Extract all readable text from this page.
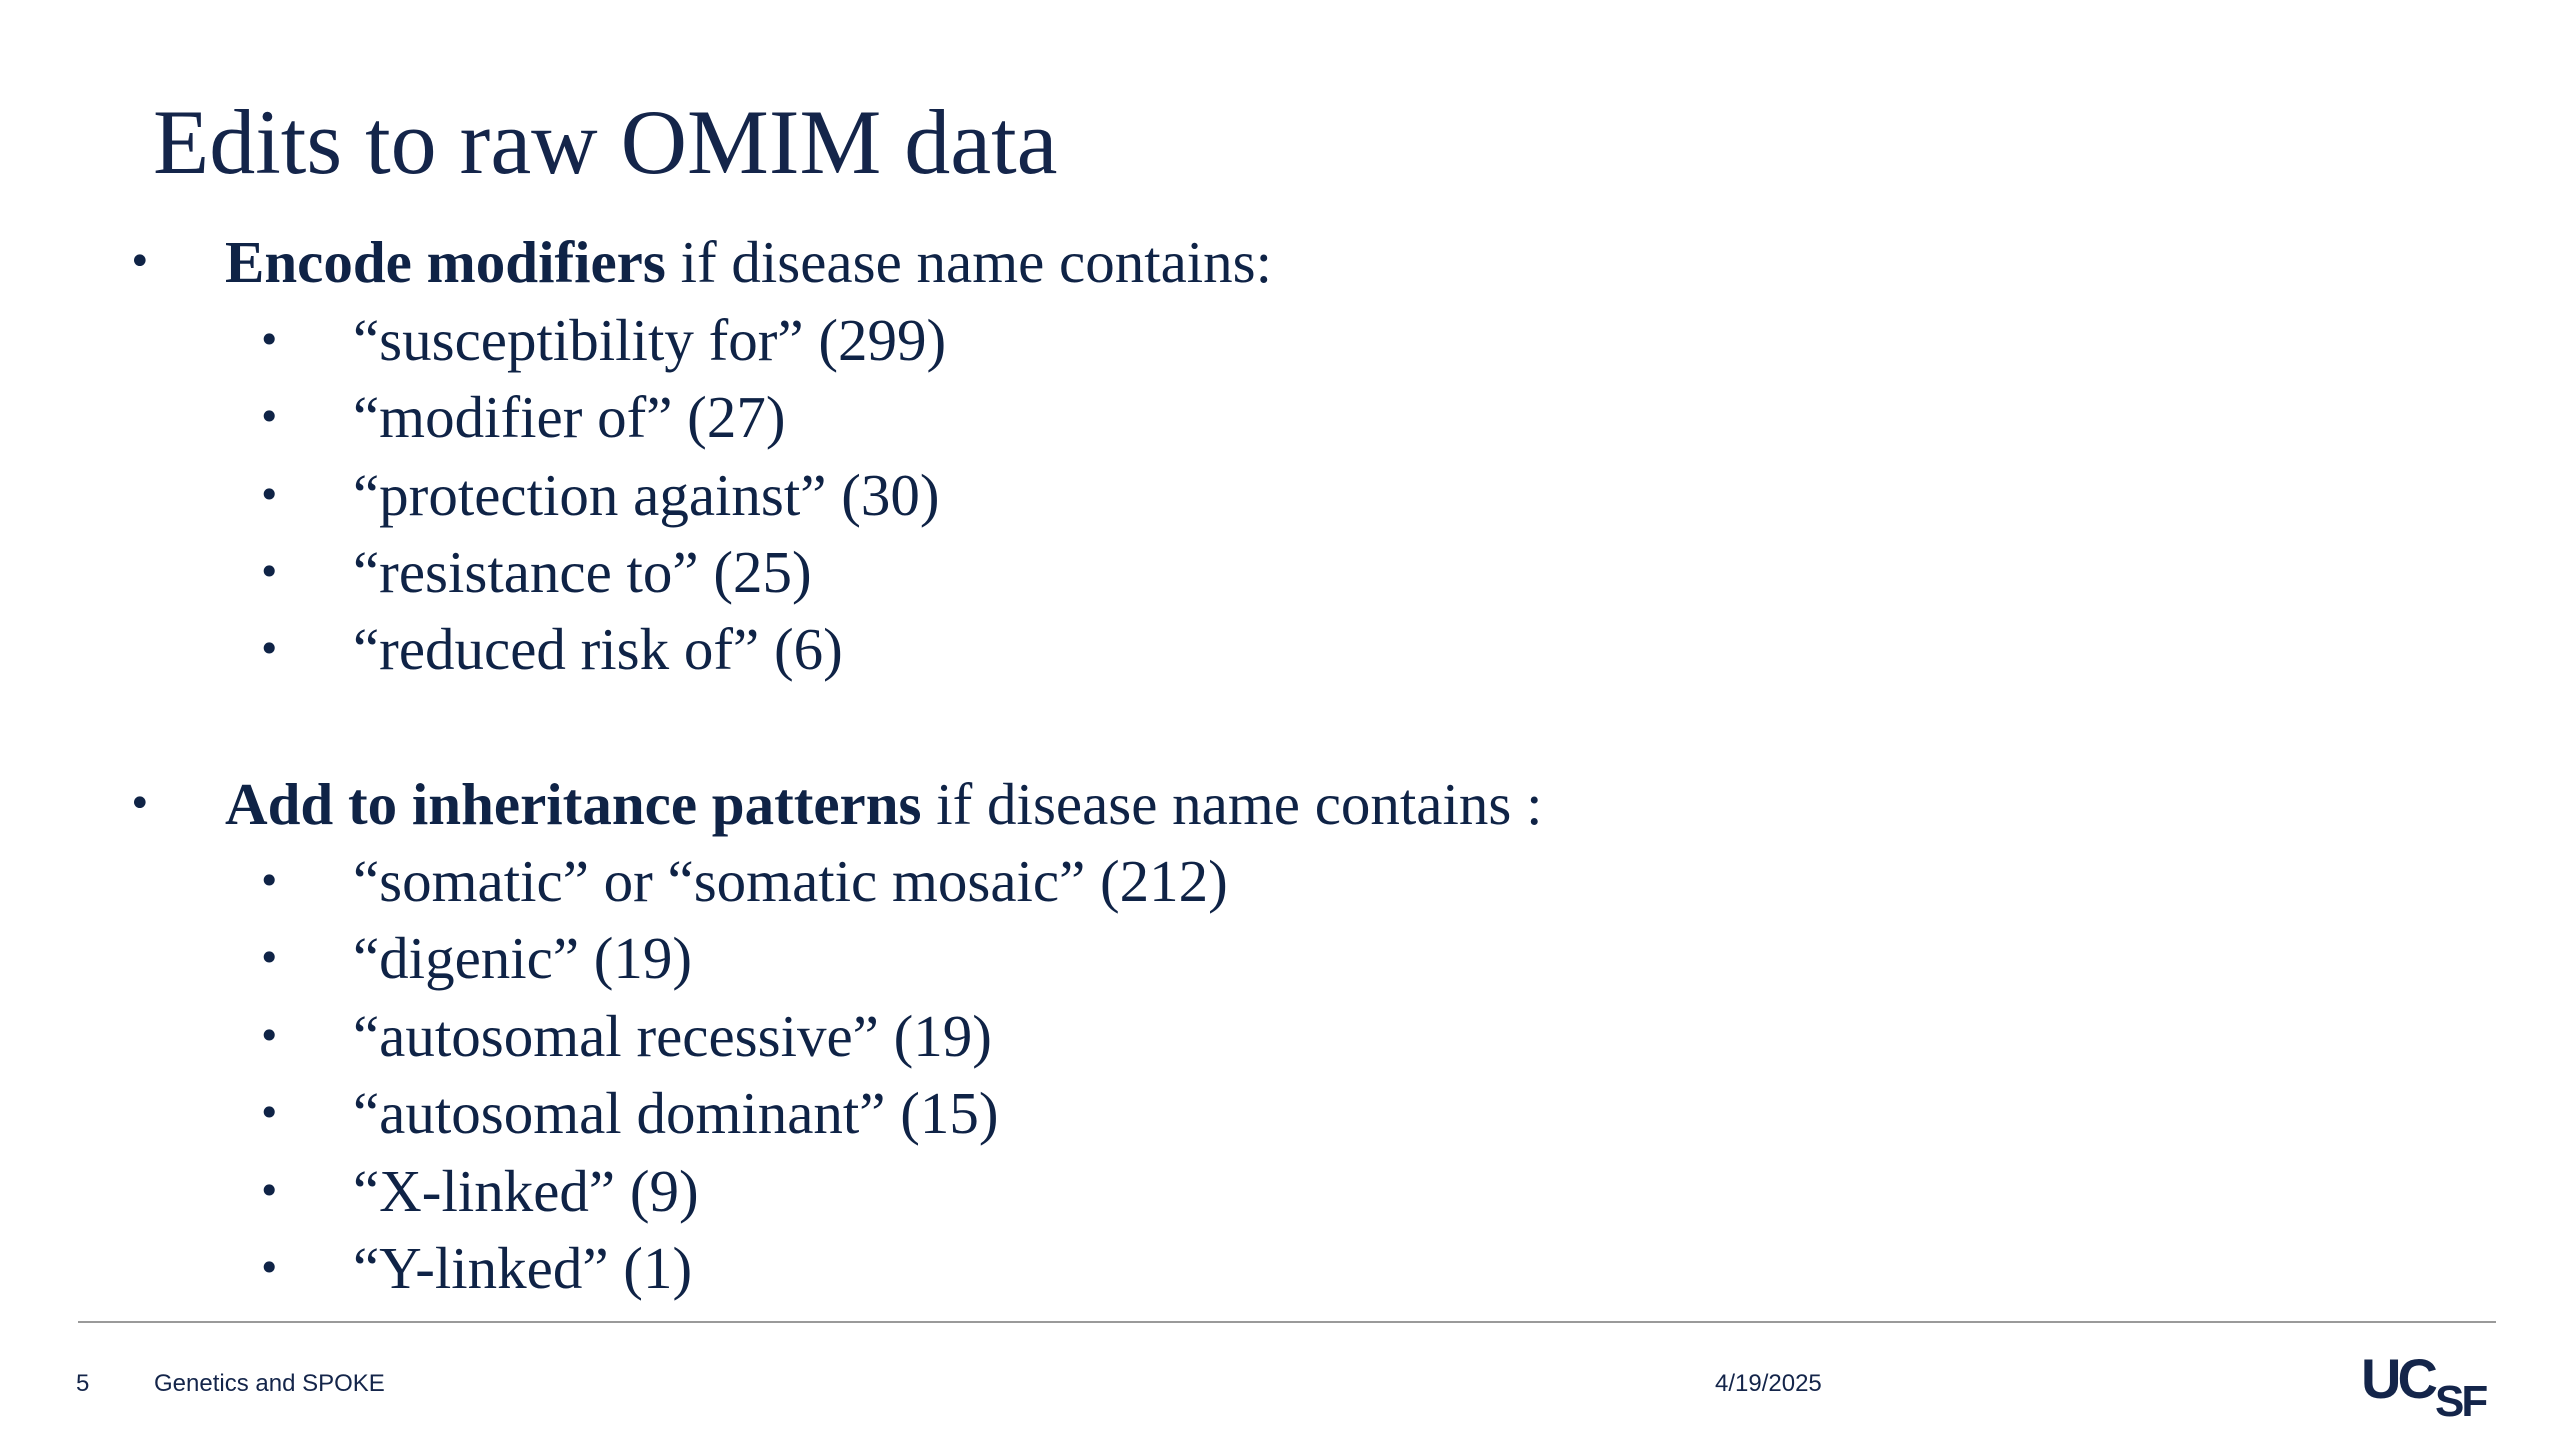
Edits to raw OMIM data
• Encode modifiers if disease name contains:
• “susceptibility for” (299)
• “modifier of” (27)
• “protection against” (30)
• “resistance to” (25)
• “reduced risk of” (6)
• Add to inheritance patterns if disease name contains :
• “somatic” or “somatic mosaic” (212)
• “digenic” (19)
• “autosomal recessive” (19)
• “autosomal dominant” (15)
• “X-linked” (9)
• “Y-linked” (1)
5	Genetics and SPOKE	4/19/2025	UC SF
